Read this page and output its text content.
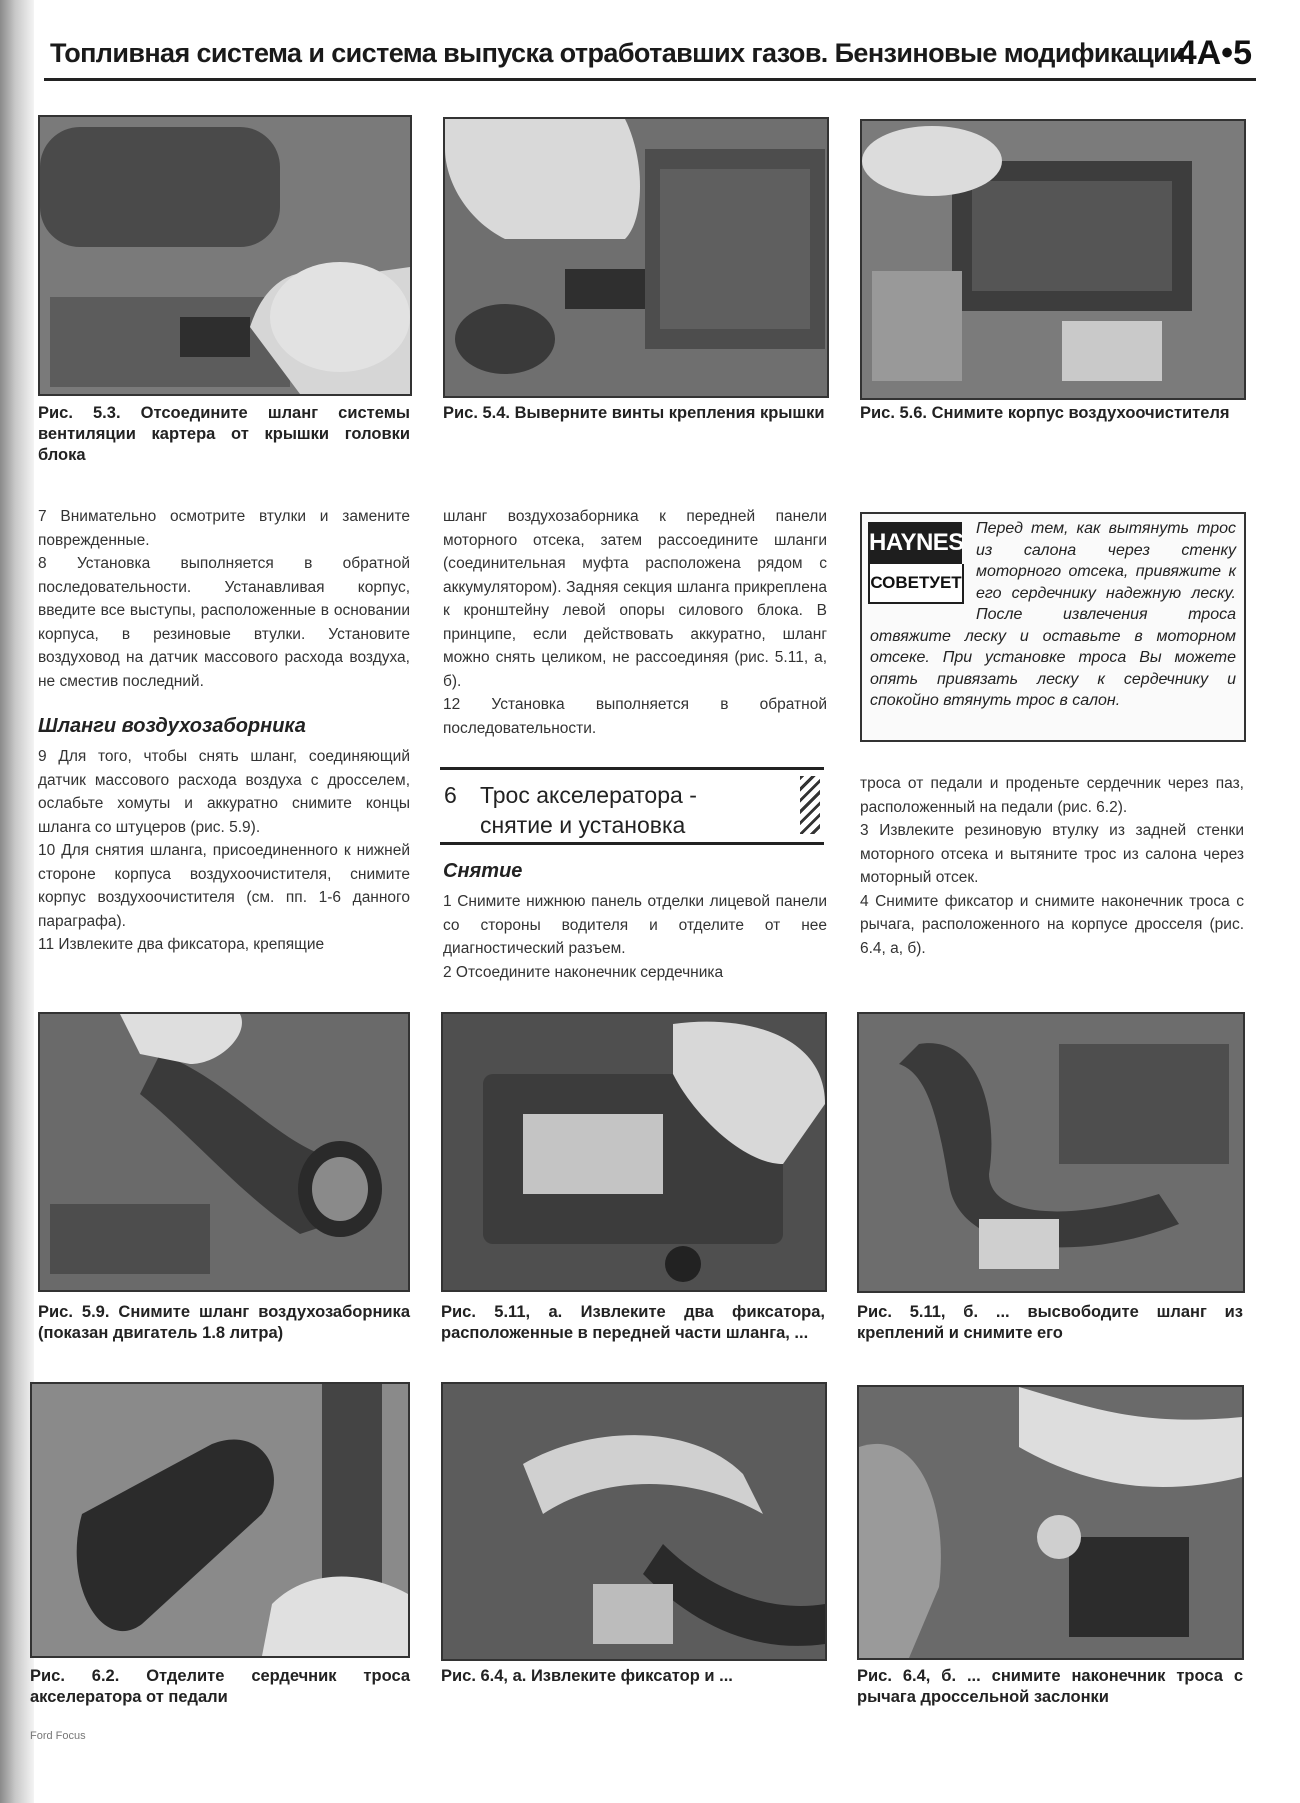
Топливная система и система выпуска отработавших газов. Бензиновые модификации
4A•5
Рис. 5.3. Отсоедините шланг системы вентиляции картера от крышки головки блока
Рис. 5.4. Выверните винты крепления крышки Рис. 5.6. Снимите корпус воздухоочистителя

7 Внимательно осмотрите втулки и замените поврежденные.

8 Установка выполняется в обратной последовательности. Устанавливая корпус, введите все выступы, расположенные в основании корпуса, в резиновые втулки. Установите воздуховод на датчик массового расхода воздуха, не сместив последний.

Шланги воздухозаборника

9 Для того, чтобы снять шланг, соединяющий датчик массового расхода воздуха с дросселем, ослабьте хомуты и аккуратно снимите концы шланга со штуцеров (рис. 5.9).

10 Для снятия шланга, присоединенного к нижней стороне корпуса воздухоочистителя, снимите корпус воздухоочистителя (см. пп. 1-6 данного параграфа).

11 Извлеките два фиксатора, крепящие

шланг воздухозаборника к передней панели моторного отсека, затем рассоедините шланги (соединительная муфта расположена рядом с аккумулятором). Задняя секция шланга прикреплена к кронштейну левой опоры силового блока. В принципе, если действовать аккуратно, шланг можно снять целиком, не рассоединяя (рис. 5.11, а, б).

12 Установка выполняется в обратной последовательности.

6 Трос акселератора -
снятие и установка
Снятие

1 Снимите нижнюю панель отделки лицевой панели со стороны водителя и отделите от нее диагностический разъем.

2 Отсоедините наконечник сердечника

HAYNES
СОВЕТУЕТ
Перед тем, как вытянуть трос из салона через стенку моторного отсека, привяжите к его сердечнику надежную леску. После извлечения троса отвяжите леску и оставьте в моторном отсеке. При установке троса Вы можете опять привязать леску к сердечнику и спокойно втянуть трос в салон.

троса от педали и проденьте сердечник через паз, расположенный на педали (рис. 6.2).

3 Извлеките резиновую втулку из задней стенки моторного отсека и вытяните трос из салона через моторный отсек.

4 Снимите фиксатор и снимите наконечник троса с рычага, расположенного на корпусе дросселя (рис. 6.4, а, б).

Рис. 5.9. Снимите шланг воздухозаборника (показан двигатель 1.8 литра)
Рис. 5.11, а. Извлеките два фиксатора, расположенные в передней части шланга, ...
Рис. 5.11, б. ... высвободите шланг из креплений и снимите его
Рис. 6.2. Отделите сердечник троса акселератора от педали
Рис. 6.4, а. Извлеките фиксатор и ...	Рис. 6.4, б. ... снимите наконечник троса с рычага дроссельной заслонки
Ford Focus
